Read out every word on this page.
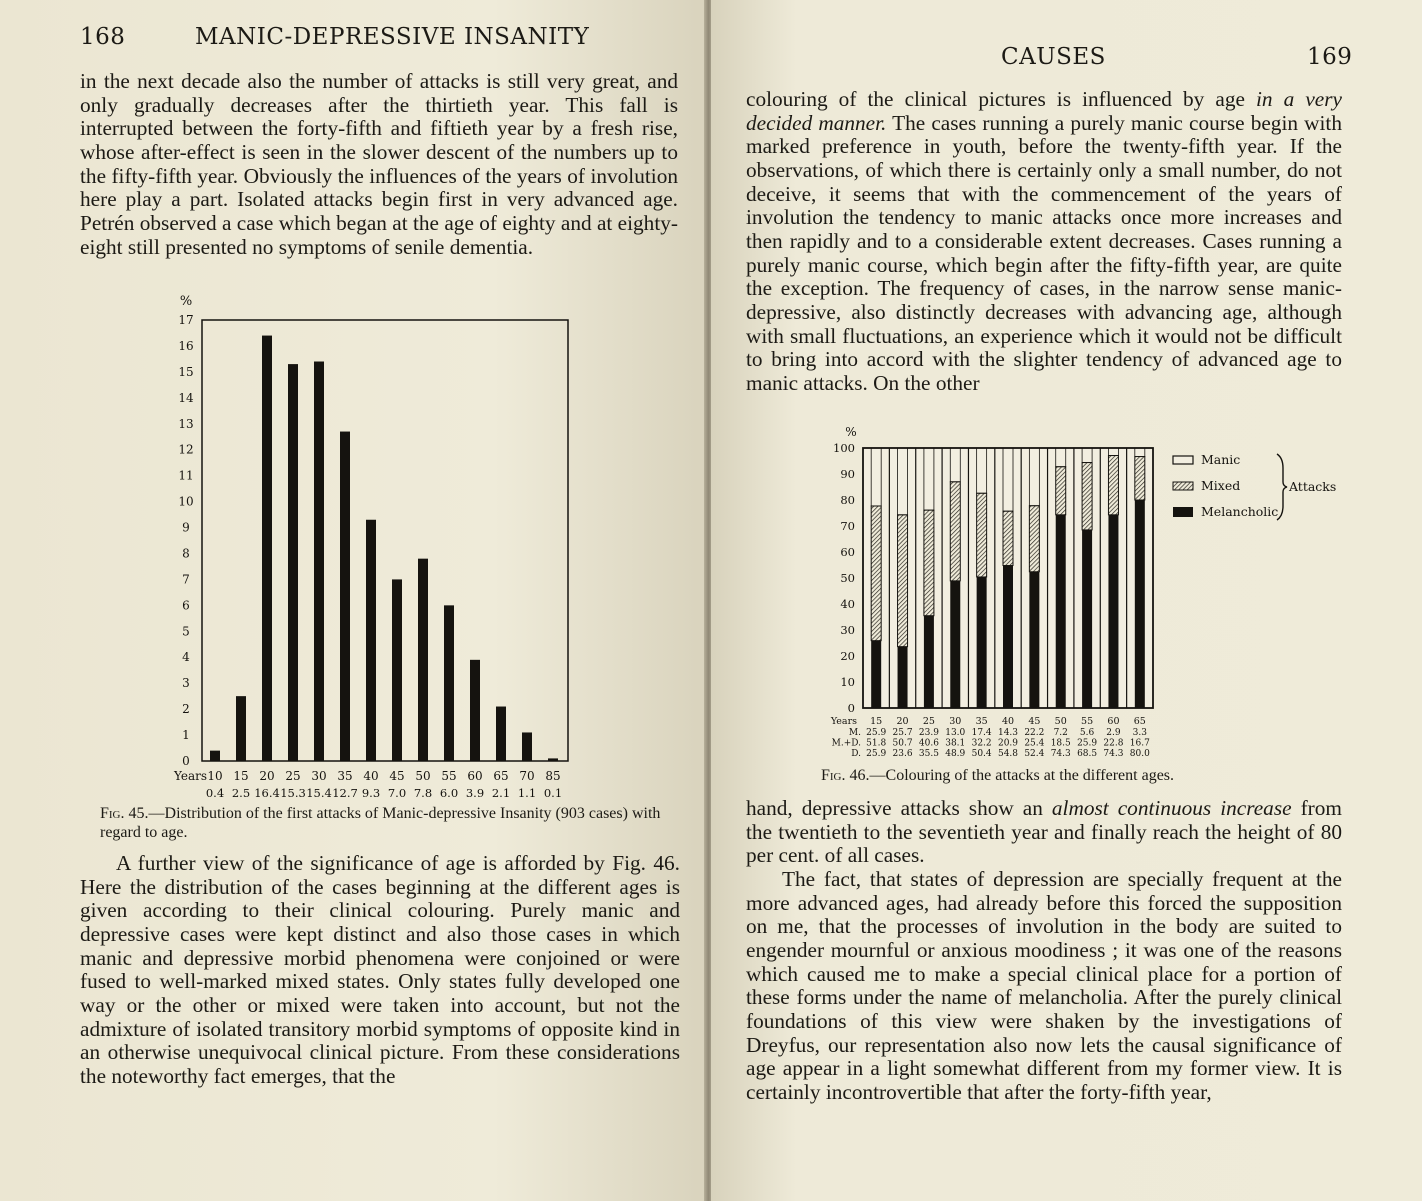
168	MANIC-DEPRESSIVE INSANITY

in the next decade also the number of attacks is still very great, and only gradually decreases after the thirtieth year. This fall is interrupted between the forty-fifth and fiftieth year by a fresh rise, whose after-effect is seen in the slower descent of the numbers up to the fifty-fifth year. Obviously the influences of the years of involution here play a part. Isolated attacks begin first in very advanced age. Petrén observed a case which began at the age of eighty and at eighty-eight still presented no symptoms of senile dementia.

%
0
1
2
3
4
5
6
7
8
9
10
11
12
13
14
15
16
17
10
0.4
15
2.5
20
16.4
25
15.3
30
15.4
35
12.7
40
9.3
45
7.0
50
7.8
55
6.0
60
3.9
65
2.1
70
1.1
85
0.1
Years

Fig. 45.—Distribution of the first attacks of Manic-depressive Insanity (903 cases) with regard to age.

A further view of the significance of age is afforded by Fig. 46. Here the distribution of the cases beginning at the different ages is given according to their clinical colouring. Purely manic and depressive cases were kept distinct and also those cases in which manic and depressive morbid phenomena were conjoined or were fused to well-marked mixed states. Only states fully developed one way or the other or mixed were taken into account, but not the admixture of isolated transitory morbid symptoms of opposite kind in an otherwise unequivocal clinical picture. From these considerations the noteworthy fact emerges, that the

CAUSES	169

colouring of the clinical pictures is influenced by age in a very decided manner. The cases running a purely manic course begin with marked preference in youth, before the twenty-fifth year. If the observations, of which there is certainly only a small number, do not deceive, it seems that with the commencement of the years of involution the tendency to manic attacks once more increases and then rapidly and to a considerable extent decreases. Cases running a purely manic course, which begin after the fifty-fifth year, are quite the exception. The frequency of cases, in the narrow sense manic-depressive, also distinctly decreases with advancing age, although with small fluctuations, an experience which it would not be difficult to bring into accord with the slighter tendency of advanced age to manic attacks. On the other

%
0
10
20
30
40
50
60
70
80
90
100
Years 15 20 25 30 35 40 45 50 55 60 65
M. 25.9 25.7 23.9 13.0 17.4 14.3 22.2 7.2 5.6 2.9 3.3
M.+D. 51.8 50.7 40.6 38.1 32.2 20.9 25.4 18.5 25.9 22.8 16.7
D. 25.9 23.6 35.5 48.9 50.4 54.8 52.4 74.3 68.5 74.3 80.0
Manic
Mixed
Melancholic
Attacks

Fig. 46.—Colouring of the attacks at the different ages.

hand, depressive attacks show an almost continuous increase from the twentieth to the seventieth year and finally reach the height of 80 per cent. of all cases.

The fact, that states of depression are specially frequent at the more advanced ages, had already before this forced the supposition on me, that the processes of involution in the body are suited to engender mournful or anxious moodiness ; it was one of the reasons which caused me to make a special clinical place for a portion of these forms under the name of melancholia. After the purely clinical foundations of this view were shaken by the investigations of Dreyfus, our representation also now lets the causal significance of age appear in a light somewhat different from my former view. It is certainly incontrovertible that after the forty-fifth year,
